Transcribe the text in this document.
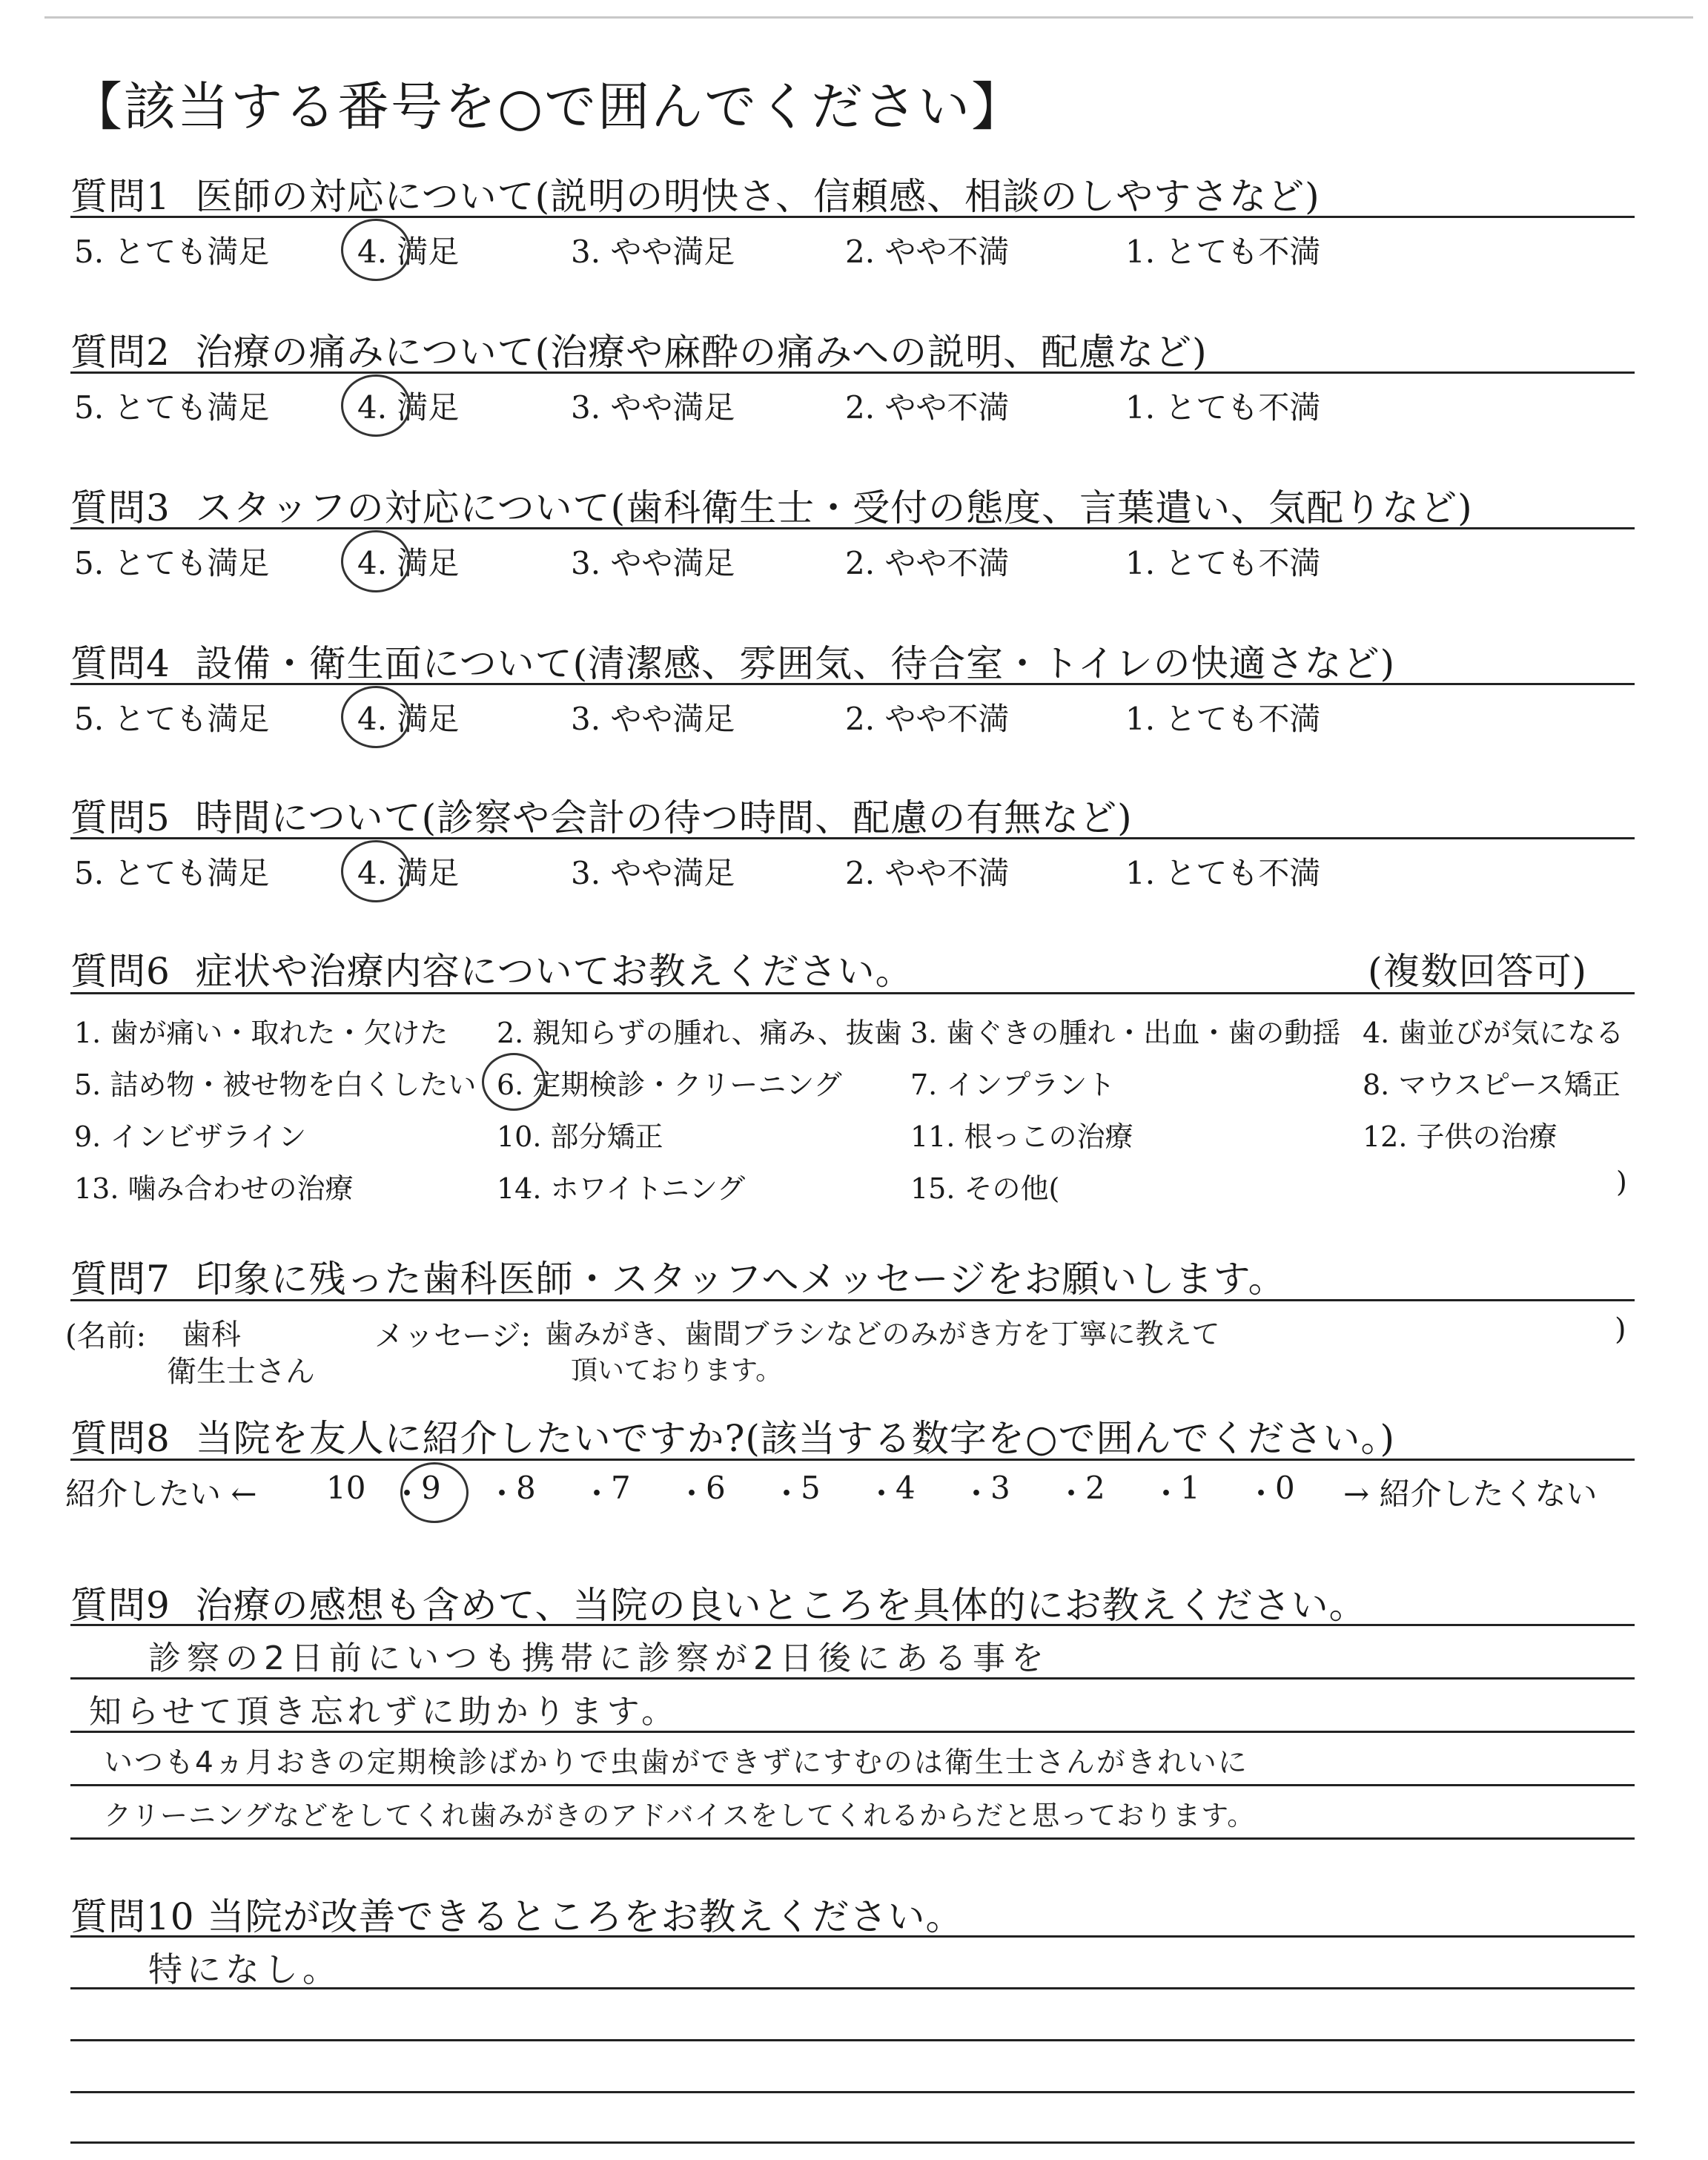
【該当する番号を○で囲んでください】
質問1 医師の対応について(説明の明快さ、信頼感、相談のしやすさなど)
5. とても満足	4. 満足	3. やや満足	2. やや不満	1. とても不満
質問2 治療の痛みについて(治療や麻酔の痛みへの説明、配慮など)
5. とても満足	4. 満足	3. やや満足	2. やや不満	1. とても不満
質問3 スタッフの対応について(歯科衛生士・受付の態度、言葉遣い、気配りなど)
5. とても満足	4. 満足	3. やや満足	2. やや不満	1. とても不満
質問4 設備・衛生面について(清潔感、雰囲気、待合室・トイレの快適さなど)
5. とても満足	4. 満足	3. やや満足	2. やや不満	1. とても不満
質問5 時間について(診察や会計の待つ時間、配慮の有無など)
5. とても満足	4. 満足	3. やや満足	2. やや不満	1. とても不満
質問6 症状や治療内容についてお教えください。	(複数回答可)
1. 歯が痛い・取れた・欠けた 2. 親知らずの腫れ、痛み、抜歯 3. 歯ぐきの腫れ・出血・歯の動揺 4. 歯並びが気になる
5. 詰め物・被せ物を白くしたい 6. 定期検診・クリーニング 7. インプラント	8. マウスピース矯正
9. インビザライン	10. 部分矯正	11. 根っこの治療	12. 子供の治療
13. 噛み合わせの治療	14. ホワイトニング	15. その他(	)
質問7 印象に残った歯科医師・スタッフへメッセージをお願いします。
(名前: 歯科
衛生士さん
メッセージ: 歯みがき、歯間ブラシなどのみがき方を丁寧に教えて
頂いております。
)
質問8 当院を友人に紹介したいですか?(該当する数字を○で囲んでください。)
紹介したい ← 10 ・
9 ・
8 ・
7 ・
6 ・
5 ・
4 ・
3 ・
2 ・
1 ・
0 → 紹介したくない
質問9 治療の感想も含めて、当院の良いところを具体的にお教えください。
診察の2日前にいつも携帯に診察が2日後にある事を
知らせて頂き忘れずに助かります。
いつも4ヵ月おきの定期検診ばかりで虫歯ができずにすむのは衛生士さんがきれいに
クリーニングなどをしてくれ歯みがきのアドバイスをしてくれるからだと思っております。
質問10 当院が改善できるところをお教えください。
特になし。
